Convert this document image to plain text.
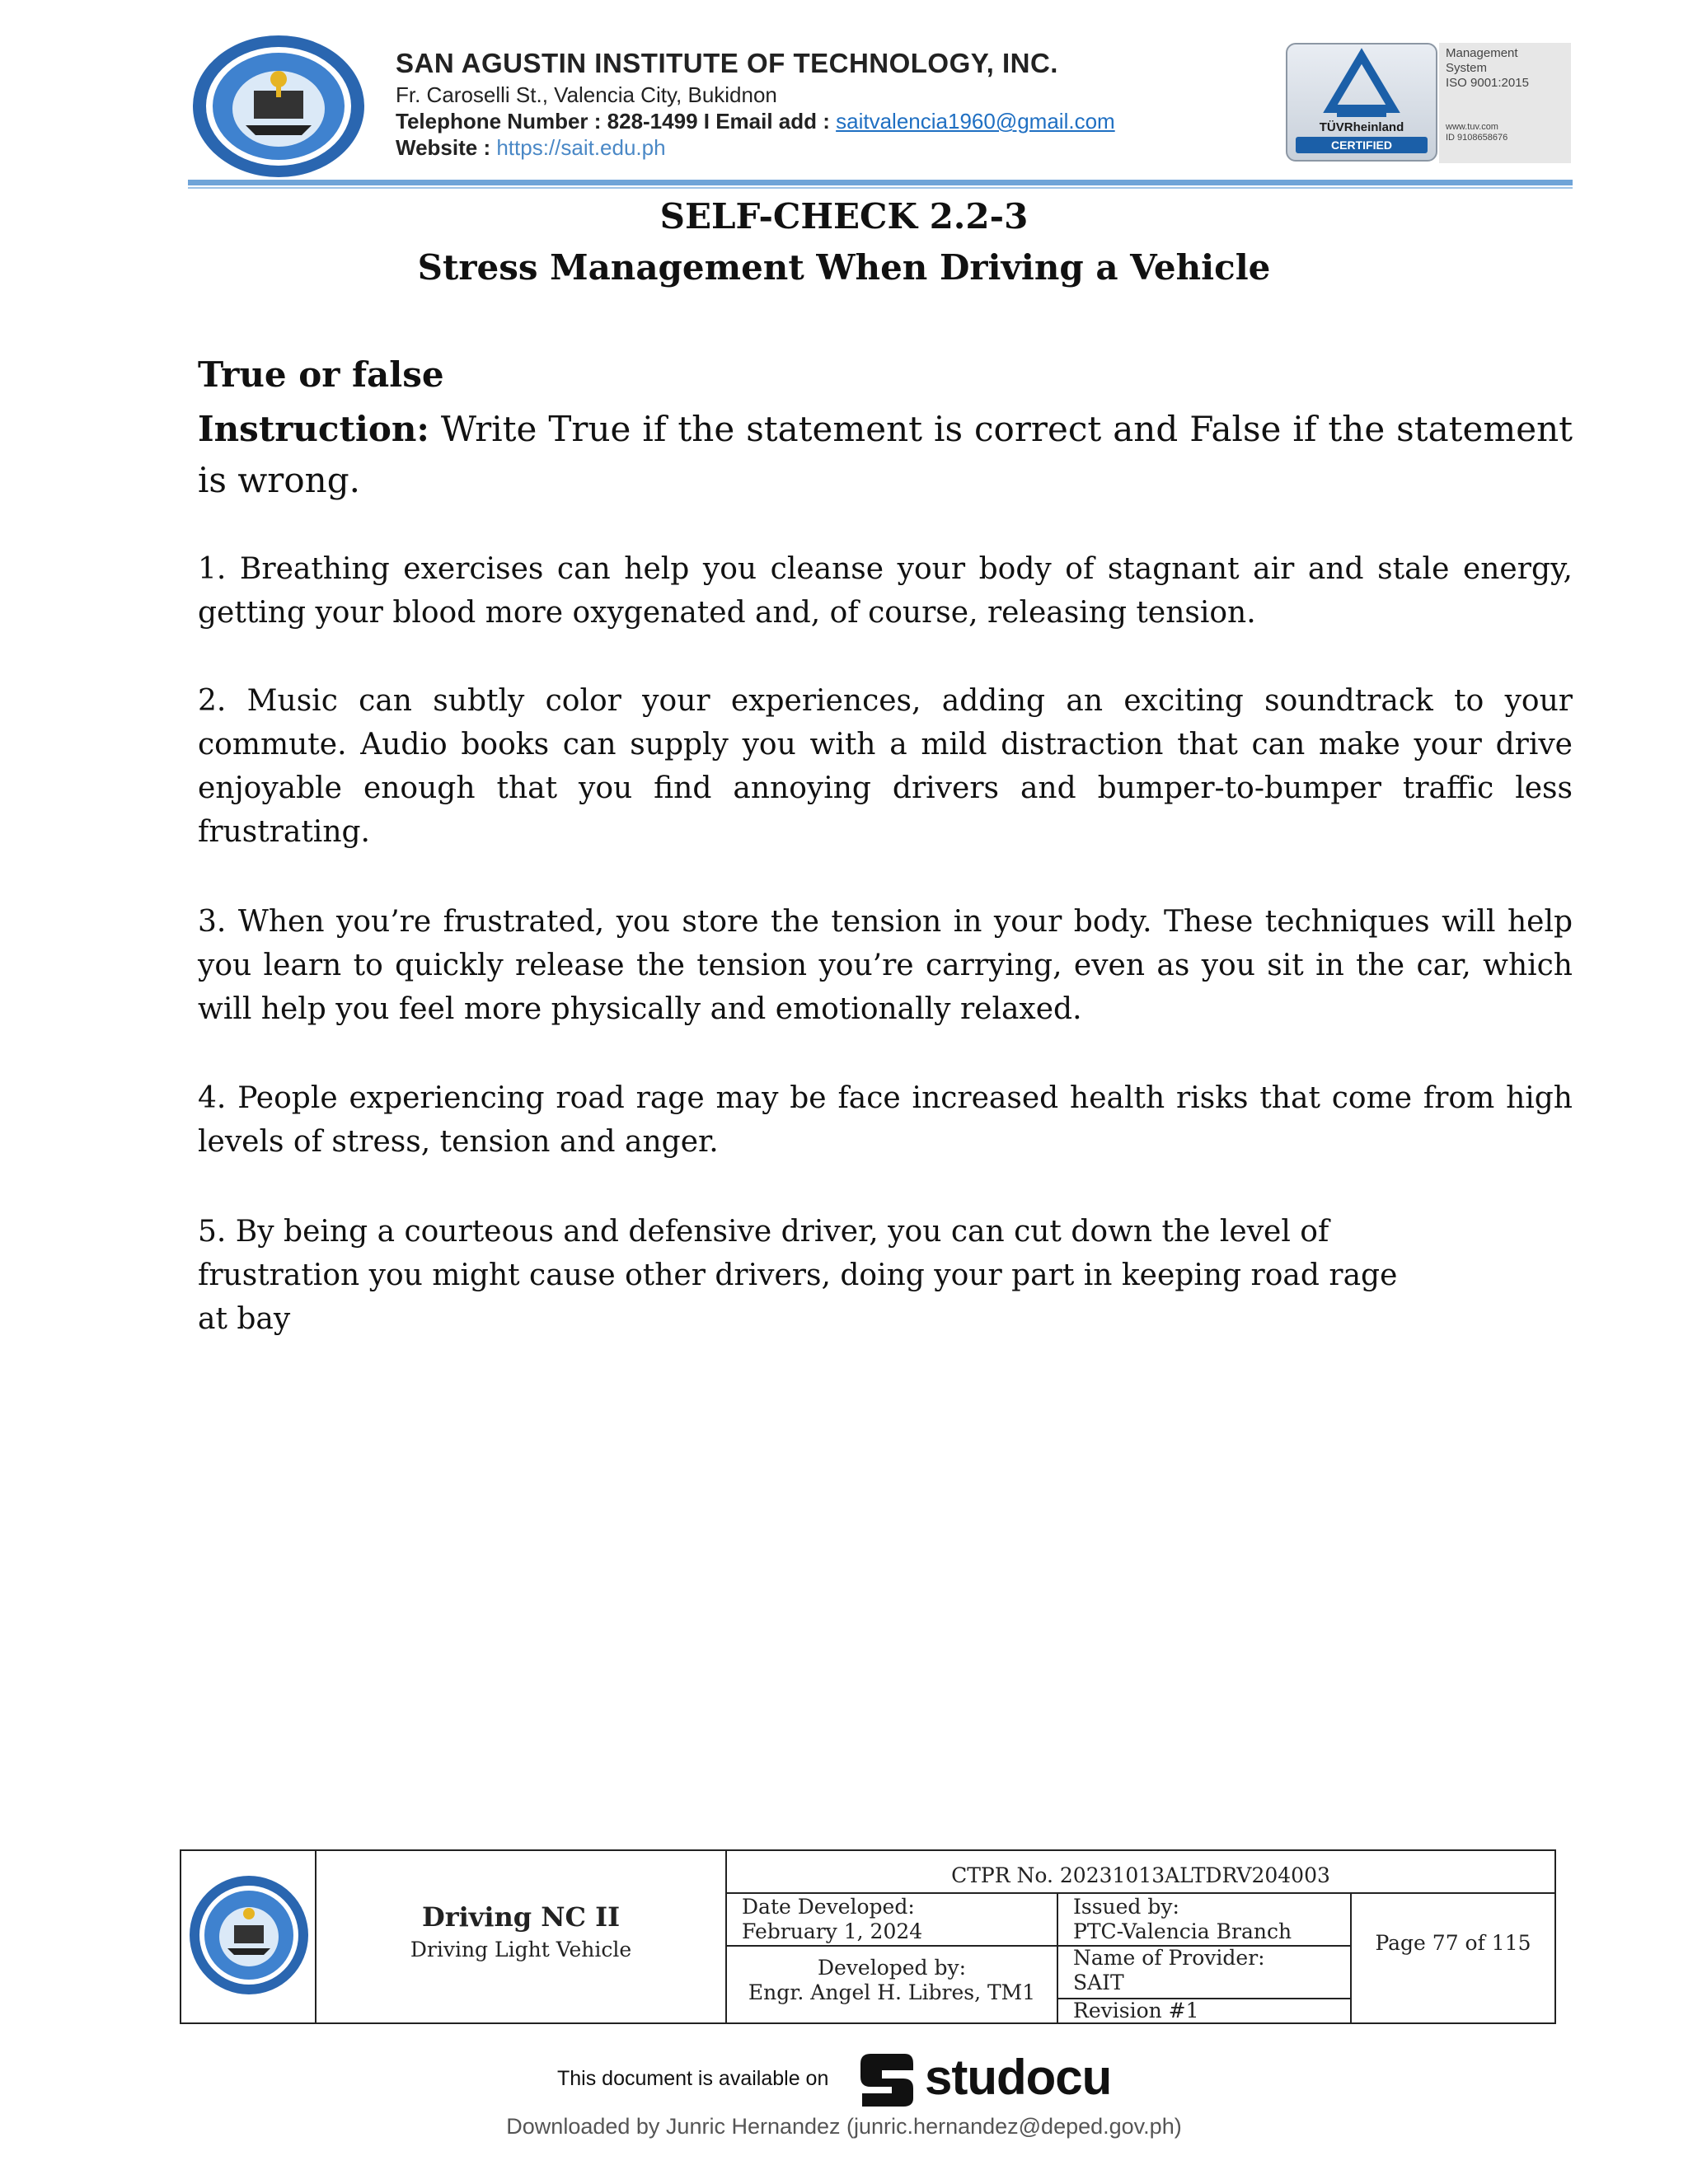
SAN AGUSTIN INSTITUTE OF TECHNOLOGY, INC.
Fr. Caroselli St., Valencia City, Bukidnon
Telephone Number : 828-1499 I Email add : saitvalencia1960@gmail.com
Website : https://sait.edu.ph
TÜVRheinland
CERTIFIED
Management
System
ISO 9001:2015
www.tuv.com
ID 9108658676
SELF-CHECK 2.2-3
Stress Management When Driving a Vehicle
True or false
Instruction: Write True if the statement is correct and False if the statement is wrong.
1. Breathing exercises can help you cleanse your body of stagnant air and stale energy, getting your blood more oxygenated and, of course, releasing tension.
2. Music can subtly color your experiences, adding an exciting soundtrack to your commute. Audio books can supply you with a mild distraction that can make your drive enjoyable enough that you find annoying drivers and bumper-to-bumper traffic less frustrating.
3. When you’re frustrated, you store the tension in your body. These techniques will help you learn to quickly release the tension you’re carrying, even as you sit in the car, which will help you feel more physically and emotionally relaxed.
4. People experiencing road rage may be face increased health risks that come from high levels of stress, tension and anger.
5. By being a courteous and defensive driver, you can cut down the level of frustration you might cause other drivers, doing your part in keeping road rage at bay
Driving NC II
Driving Light Vehicle
CTPR No. 20231013ALTDRV204003
Date Developed:
February 1, 2024
Developed by:
Engr. Angel H. Libres, TM1
Issued by:
PTC-Valencia Branch
Name of Provider:
SAIT
Revision #1
Page 77 of 115
This document is available on studocu
Downloaded by Junric Hernandez (junric.hernandez@deped.gov.ph)
